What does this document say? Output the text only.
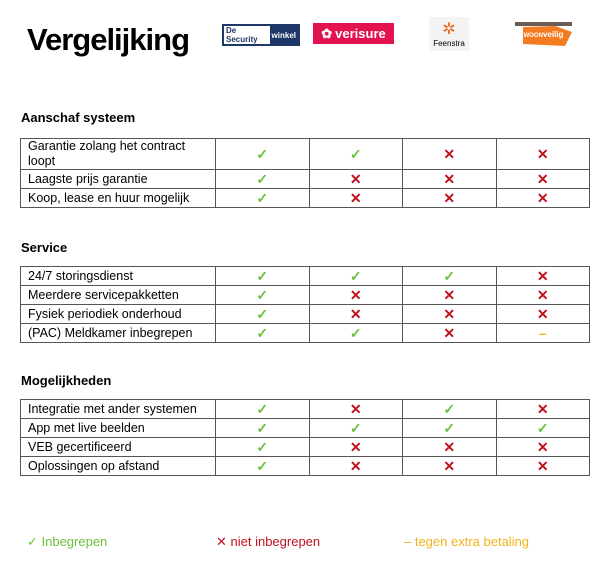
Vergelijking	De Security	winkel ✿ verisure	✲
Feenstra
WOONveilig
Aanschaf systeem
Garantie zolang het contract loopt	✓	✓	✕	✕
Laagste prijs garantie	✓	✕	✕	✕
Koop, lease en huur mogelijk	✓	✕	✕	✕
Service
24/7 storingsdienst	✓	✓	✓	✕
Meerdere servicepakketten	✓	✕	✕	✕
Fysiek periodiek onderhoud	✓	✕	✕	✕
(PAC) Meldkamer inbegrepen	✓	✓	✕	–
Mogelijkheden
Integratie met ander systemen	✓	✕	✓	✕
App met live beelden	✓	✓	✓	✓
VEB gecertificeerd	✓	✕	✕	✕
Oplossingen op afstand	✓	✕	✕	✕
✓ Inbegrepen	✕ niet inbegrepen	– tegen extra betaling
